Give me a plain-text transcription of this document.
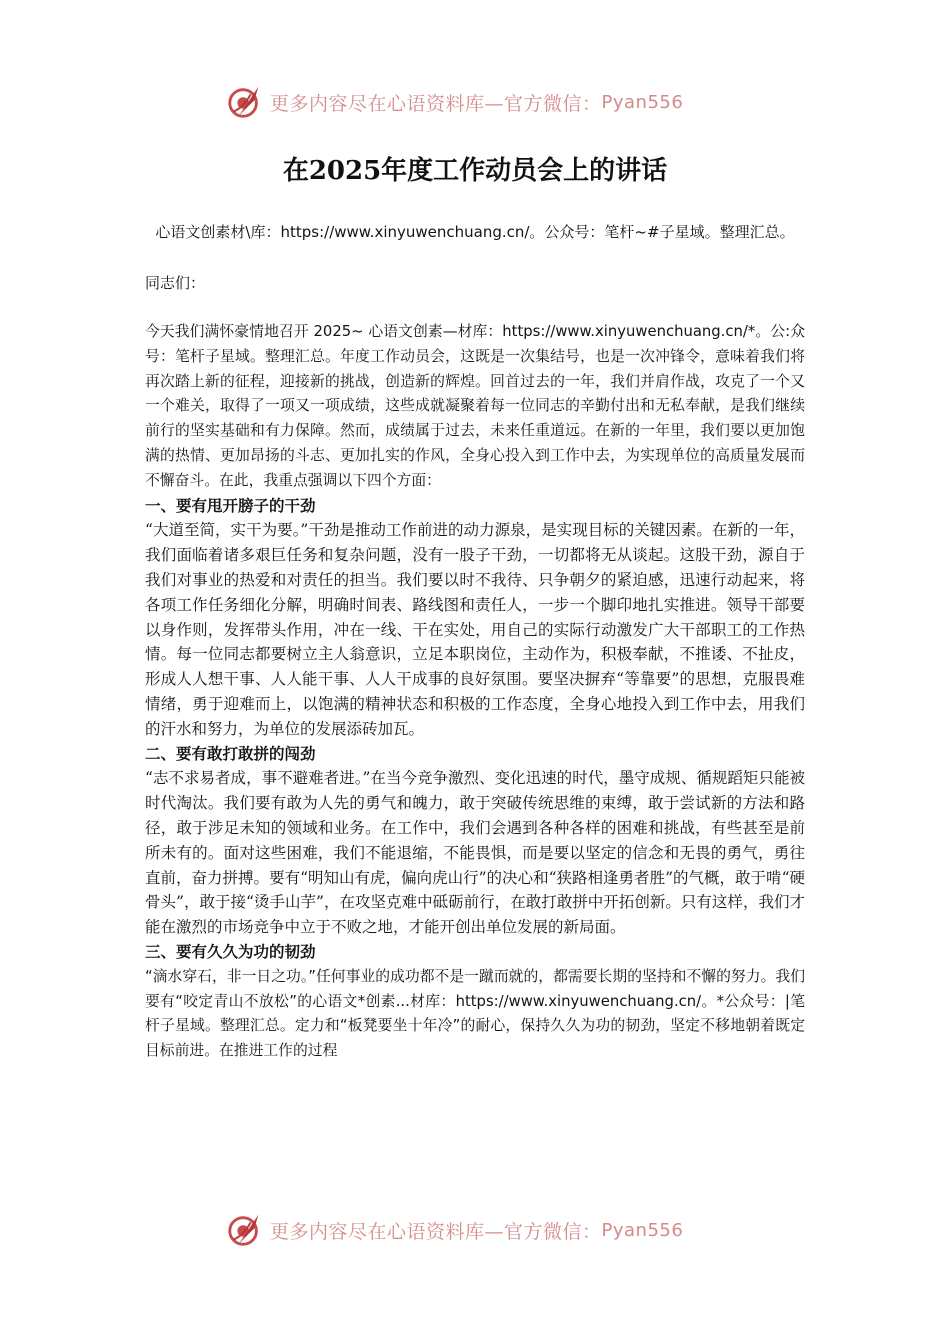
更多内容尽在心语资料库—官方微信： Pyan556
在2025年度工作动员会上的讲话
心语文创素材\库：https://www.xinyuwenchuang.cn/。公众号：笔杆~#子星域。整理汇总。
同志们：

今天我们满怀豪情地召开 2025~ 心语文创素—材库：https://www.xinyuwenchuang.cn/*。公:众号：笔杆子星域。整理汇总。年度工作动员会，这既是一次集结号，也是一次冲锋令，意味着我们将再次踏上新的征程，迎接新的挑战，创造新的辉煌。回首过去的一年，我们并肩作战，攻克了一个又一个难关，取得了一项又一项成绩，这些成就凝聚着每一位同志的辛勤付出和无私奉献，是我们继续前行的坚实基础和有力保障。然而，成绩属于过去，未来任重道远。在新的一年里，我们要以更加饱满的热情、更加昂扬的斗志、更加扎实的作风，全身心投入到工作中去，为实现单位的高质量发展而不懈奋斗。在此，我重点强调以下四个方面：

一、要有甩开膀子的干劲

“大道至简，实干为要。”干劲是推动工作前进的动力源泉，是实现目标的关键因素。在新的一年，我们面临着诸多艰巨任务和复杂问题，没有一股子干劲，一切都将无从谈起。这股干劲，源自于我们对事业的热爱和对责任的担当。我们要以时不我待、只争朝夕的紧迫感，迅速行动起来，将各项工作任务细化分解，明确时间表、路线图和责任人，一步一个脚印地扎实推进。领导干部要以身作则，发挥带头作用，冲在一线、干在实处，用自己的实际行动激发广大干部职工的工作热情。每一位同志都要树立主人翁意识，立足本职岗位，主动作为，积极奉献，不推诿、不扯皮，形成人人想干事、人人能干事、人人干成事的良好氛围。要坚决摒弃“等靠要”的思想，克服畏难情绪，勇于迎难而上，以饱满的精神状态和积极的工作态度，全身心地投入到工作中去，用我们的汗水和努力，为单位的发展添砖加瓦。

二、要有敢打敢拼的闯劲

“志不求易者成，事不避难者进。”在当今竞争激烈、变化迅速的时代，墨守成规、循规蹈矩只能被时代淘汰。我们要有敢为人先的勇气和魄力，敢于突破传统思维的束缚，敢于尝试新的方法和路径，敢于涉足未知的领域和业务。在工作中，我们会遇到各种各样的困难和挑战，有些甚至是前所未有的。面对这些困难，我们不能退缩，不能畏惧，而是要以坚定的信念和无畏的勇气，勇往直前，奋力拼搏。要有“明知山有虎，偏向虎山行”的决心和“狭路相逢勇者胜”的气概，敢于啃“硬骨头”，敢于接“烫手山芋”，在攻坚克难中砥砺前行，在敢打敢拼中开拓创新。只有这样，我们才能在激烈的市场竞争中立于不败之地，才能开创出单位发展的新局面。

三、要有久久为功的韧劲

“滴水穿石，非一日之功。”任何事业的成功都不是一蹴而就的，都需要长期的坚持和不懈的努力。我们要有“咬定青山不放松”的心语文*创素...材库：https://www.xinyuwenchuang.cn/。*公众号：|笔杆子星域。整理汇总。定力和“板凳要坐十年冷”的耐心，保持久久为功的韧劲，坚定不移地朝着既定目标前进。在推进工作的过程

更多内容尽在心语资料库—官方微信： Pyan556
